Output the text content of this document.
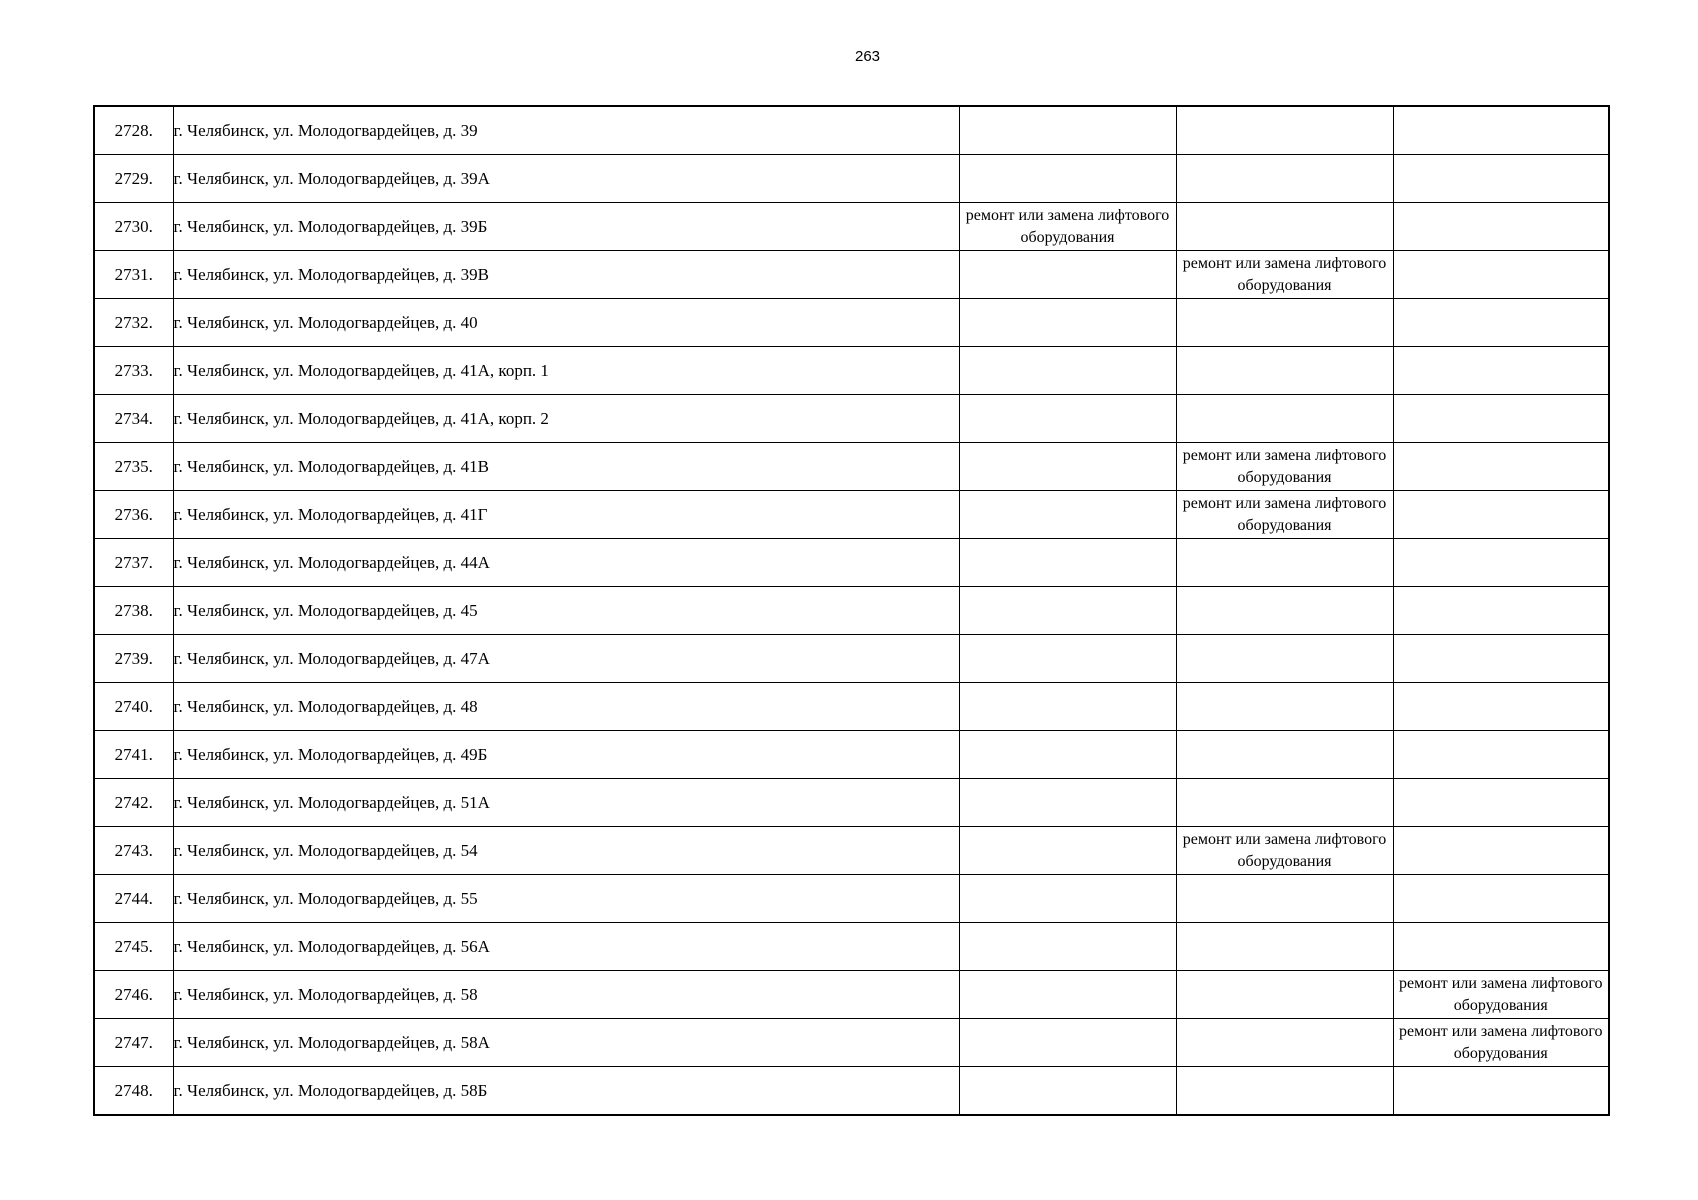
263
2728.	г. Челябинск, ул. Молодогвардейцев, д. 39			
2729.	г. Челябинск, ул. Молодогвардейцев, д. 39А			
2730.	г. Челябинск, ул. Молодогвардейцев, д. 39Б	ремонт или замена лифтового оборудования		
2731.	г. Челябинск, ул. Молодогвардейцев, д. 39В		ремонт или замена лифтового оборудования	
2732.	г. Челябинск, ул. Молодогвардейцев, д. 40			
2733.	г. Челябинск, ул. Молодогвардейцев, д. 41А, корп. 1			
2734.	г. Челябинск, ул. Молодогвардейцев, д. 41А, корп. 2			
2735.	г. Челябинск, ул. Молодогвардейцев, д. 41В		ремонт или замена лифтового оборудования	
2736.	г. Челябинск, ул. Молодогвардейцев, д. 41Г		ремонт или замена лифтового оборудования	
2737.	г. Челябинск, ул. Молодогвардейцев, д. 44А			
2738.	г. Челябинск, ул. Молодогвардейцев, д. 45			
2739.	г. Челябинск, ул. Молодогвардейцев, д. 47А			
2740.	г. Челябинск, ул. Молодогвардейцев, д. 48			
2741.	г. Челябинск, ул. Молодогвардейцев, д. 49Б			
2742.	г. Челябинск, ул. Молодогвардейцев, д. 51А			
2743.	г. Челябинск, ул. Молодогвардейцев, д. 54		ремонт или замена лифтового оборудования	
2744.	г. Челябинск, ул. Молодогвардейцев, д. 55			
2745.	г. Челябинск, ул. Молодогвардейцев, д. 56А			
2746.	г. Челябинск, ул. Молодогвардейцев, д. 58			ремонт или замена лифтового оборудования
2747.	г. Челябинск, ул. Молодогвардейцев, д. 58А			ремонт или замена лифтового оборудования
2748.	г. Челябинск, ул. Молодогвардейцев, д. 58Б			
